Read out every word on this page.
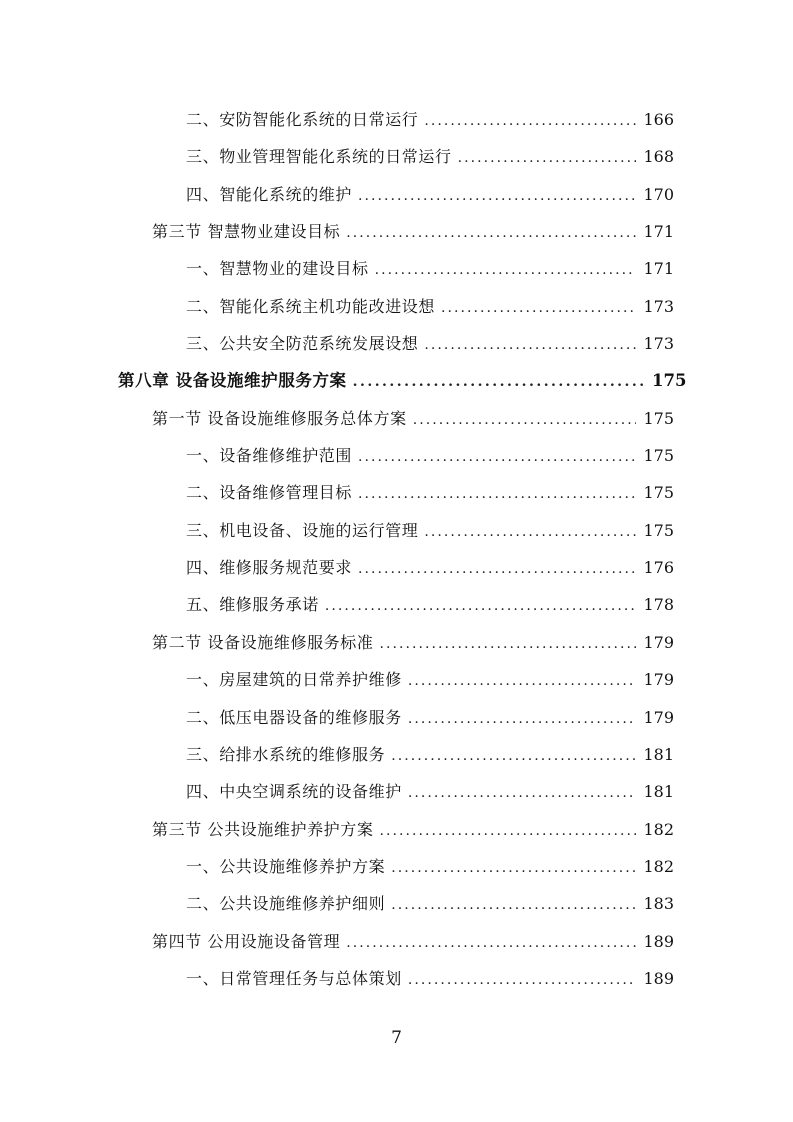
二、安防智能化系统的日常运行 . . .	166
三、物业管理智能化系统的日常运行 . . .	168
四、智能化系统的维护 . . .	170
第三节 智慧物业建设目标 . . .	171
一、智慧物业的建设目标 . . .	171
二、智能化系统主机功能改进设想 . . .	173
三、公共安全防范系统发展设想 . . .	173
第八章 设备设施维护服务方案 . . .	175
第一节 设备设施维修服务总体方案 . . .	175
一、设备维修维护范围 . . .	175
二、设备维修管理目标 . . .	175
三、机电设备、设施的运行管理 . . .	175
四、维修服务规范要求 . . .	176
五、维修服务承诺 . . .	178
第二节 设备设施维修服务标准 . . .	179
一、房屋建筑的日常养护维修 . . .	179
二、低压电器设备的维修服务 . . .	179
三、给排水系统的维修服务 . . .	181
四、中央空调系统的设备维护 . . .	181
第三节 公共设施维护养护方案 . . .	182
一、公共设施维修养护方案 . . .	182
二、公共设施维修养护细则 . . .	183
第四节 公用设施设备管理 . . .	189
一、日常管理任务与总体策划 . . .	189
7
